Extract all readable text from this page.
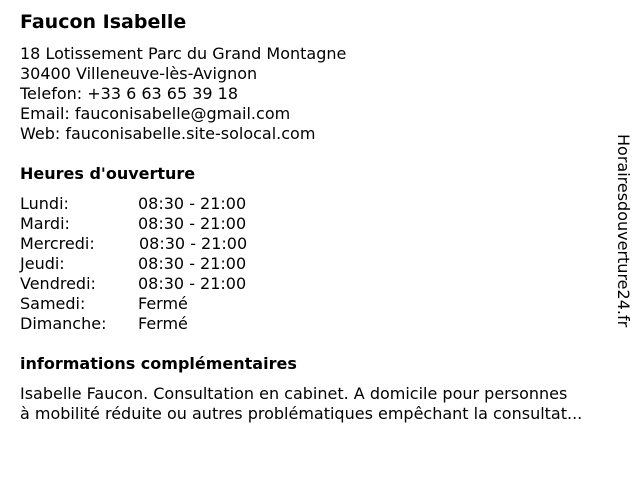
Faucon Isabelle
18 Lotissement Parc du Grand Montagne
30400 Villeneuve-lès-Avignon
Telefon: +33 6 63 65 39 18
Email: fauconisabelle@gmail.com
Web: fauconisabelle.site-solocal.com
Heures d'ouverture
Lundi:	08:30 - 21:00
Mardi:	08:30 - 21:00
Mercredi:	08:30 - 21:00
Jeudi:	08:30 - 21:00
Vendredi:	08:30 - 21:00
Samedi:	Fermé
Dimanche: Fermé
informations complémentaires
Isabelle Faucon. Consultation en cabinet. A domicile pour personnes
à mobilité réduite ou autres problématiques empêchant la consultat...
Horairesdouverture24.fr
